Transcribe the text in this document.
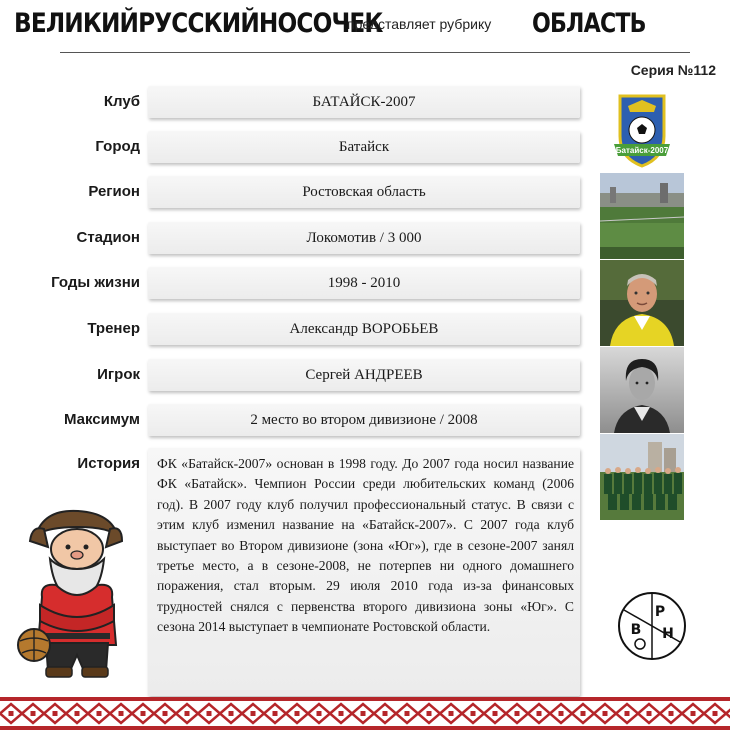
ВЕЛИКИЙРУССКИЙНОСОЧЕК
представляет рубрику ОБЛАСТЬ
Серия №112
Клуб	БАТАЙСК-2007
Город	Батайск
Регион	Ростовская область
Стадион	Локомотив / 3 000
Годы жизни	1998 - 2010
Тренер	Александр ВОРОБЬЕВ
Игрок	Сергей АНДРЕЕВ
Максимум	2 место во втором дивизионе / 2008
История	ФК «Батайск-2007» основан в 1998 году. До 2007 года носил название ФК «Батайск». Чемпион России среди любительских команд (2006 год). В 2007 году клуб получил профессиональный статус. В связи с этим клуб изменил название на «Батайск-2007». С 2007 года клуб выступает во Втором дивизионе (зона «Юг»), где в сезоне-2007 занял третье место, а в сезоне-2008, не потерпев ни одного домашнего поражения, стал вторым. 29 июля 2010 года из-за финансовых трудностей снялся с первенства второго дивизиона зоны «Юг». С сезона 2014 выступает в чемпионате Ростовской области.
Батайск-2007
В
Р
Н
